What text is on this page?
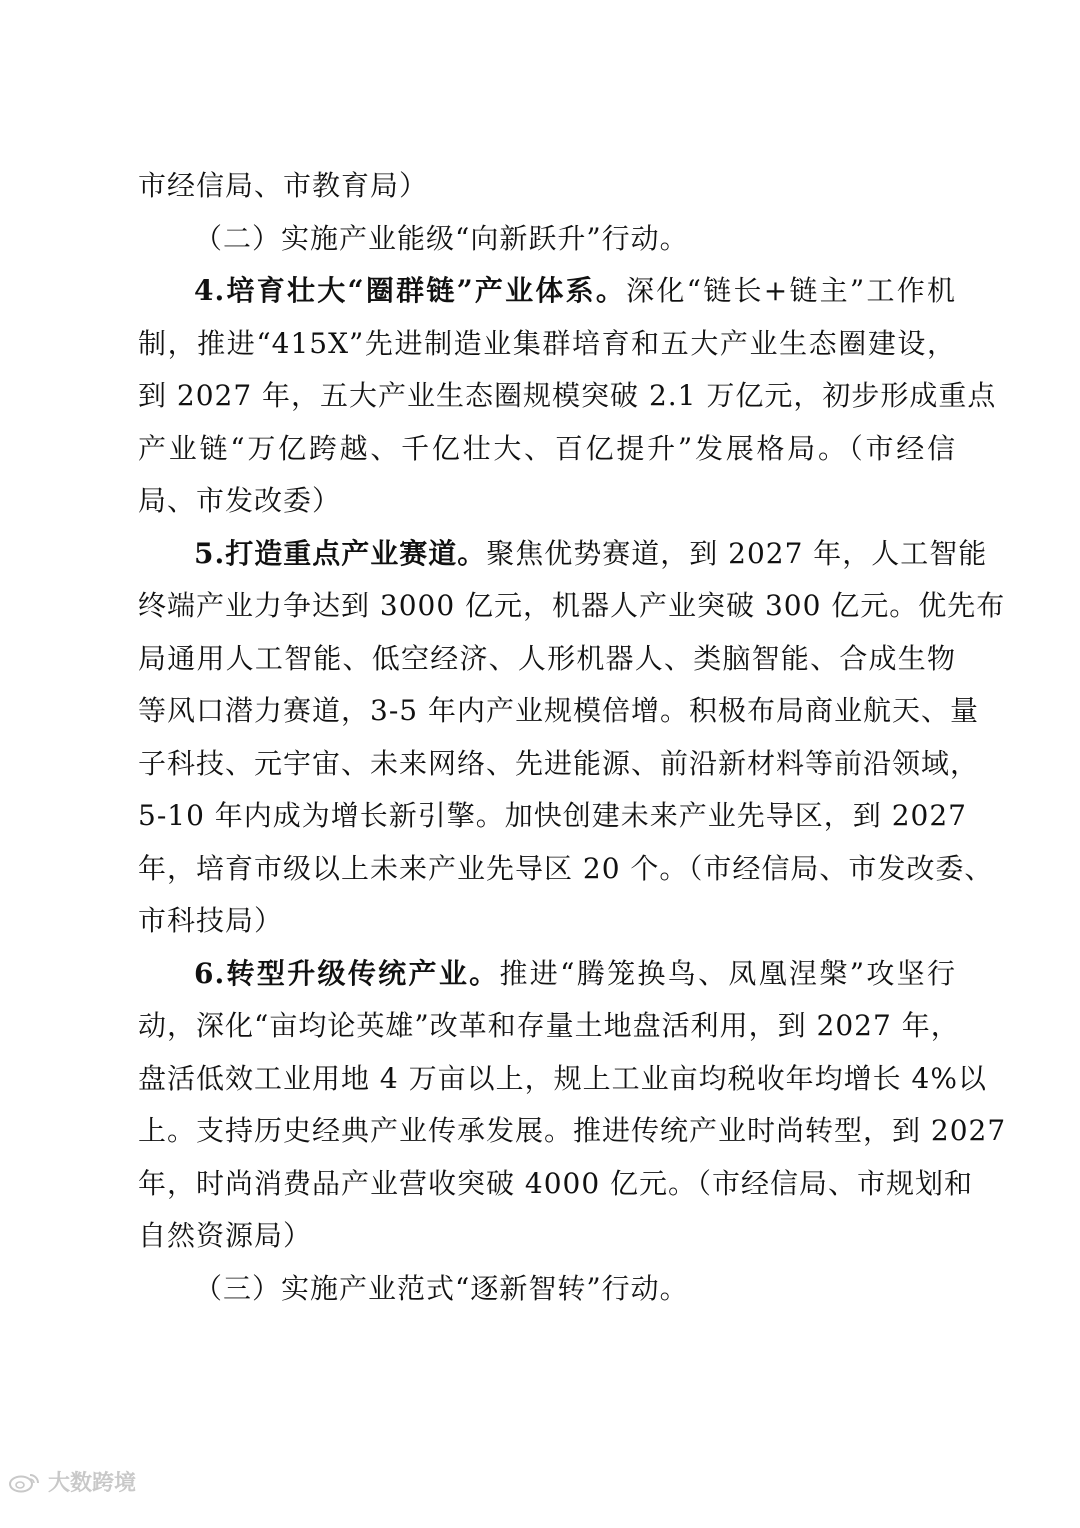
市经信局、市教育局）
（二）实施产业能级“向新跃升”行动。
4.培育壮大“圈群链”产业体系。深化“链长+链主”工作机
制，推进“415X”先进制造业集群培育和五大产业生态圈建设，
到 2027 年，五大产业生态圈规模突破 2.1 万亿元，初步形成重点
产业链“万亿跨越、千亿壮大、百亿提升”发展格局。（市经信
局、市发改委）
5.打造重点产业赛道。聚焦优势赛道，到 2027 年，人工智能
终端产业力争达到 3000 亿元，机器人产业突破 300 亿元。优先布
局通用人工智能、低空经济、人形机器人、类脑智能、合成生物
等风口潜力赛道，3-5 年内产业规模倍增。积极布局商业航天、量
子科技、元宇宙、未来网络、先进能源、前沿新材料等前沿领域，
5-10 年内成为增长新引擎。加快创建未来产业先导区，到 2027
年，培育市级以上未来产业先导区 20 个。（市经信局、市发改委、
市科技局）
6.转型升级传统产业。推进“腾笼换鸟、凤凰涅槃”攻坚行
动，深化“亩均论英雄”改革和存量土地盘活利用，到 2027 年，
盘活低效工业用地 4 万亩以上，规上工业亩均税收年均增长 4%以
上。支持历史经典产业传承发展。推进传统产业时尚转型，到 2027
年，时尚消费品产业营收突破 4000 亿元。（市经信局、市规划和
自然资源局）
（三）实施产业范式“逐新智转”行动。
大数跨境
